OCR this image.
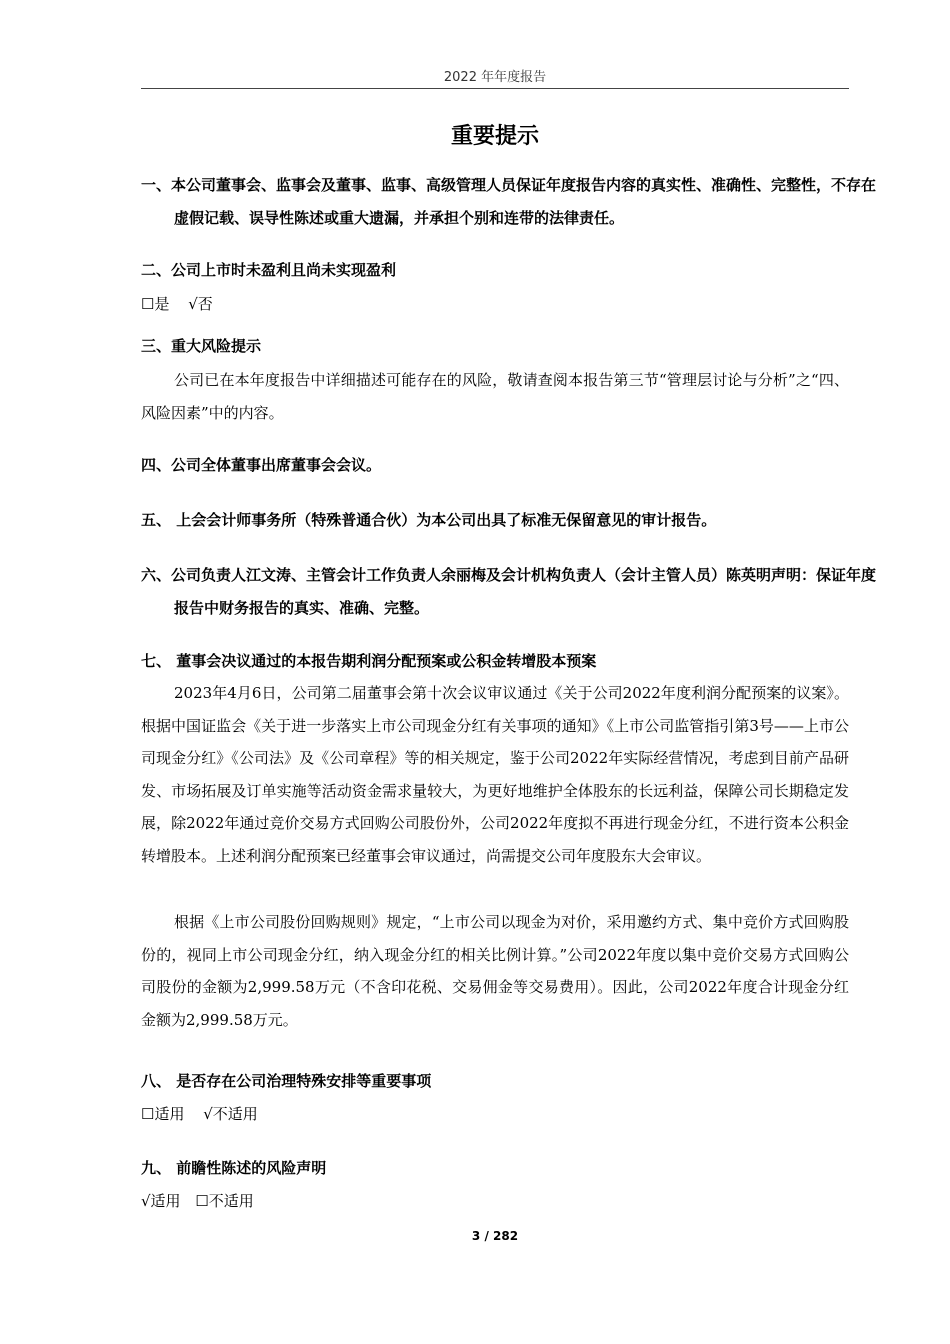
2022 年年度报告
重要提示
一、本公司董事会、监事会及董事、监事、高级管理人员保证年度报告内容的真实性、准确性、完整性，不存在虚假记载、误导性陈述或重大遗漏，并承担个别和连带的法律责任。
二、公司上市时未盈利且尚未实现盈利
☐是 √否
三、重大风险提示

公司已在本年度报告中详细描述可能存在的风险，敬请查阅本报告第三节“管理层讨论与分析”之“四、风险因素”中的内容。

四、公司全体董事出席董事会会议。
五、 上会会计师事务所（特殊普通合伙）为本公司出具了标准无保留意见的审计报告。
六、公司负责人江文涛、主管会计工作负责人余丽梅及会计机构负责人（会计主管人员）陈英明声明：保证年度报告中财务报告的真实、准确、完整。
七、 董事会决议通过的本报告期利润分配预案或公积金转增股本预案

2023年4月6日，公司第二届董事会第十次会议审议通过《关于公司2022年度利润分配预案的议案》。根据中国证监会《关于进一步落实上市公司现金分红有关事项的通知》《上市公司监管指引第3号——上市公司现金分红》《公司法》及《公司章程》等的相关规定，鉴于公司2022年实际经营情况，考虑到目前产品研发、市场拓展及订单实施等活动资金需求量较大，为更好地维护全体股东的长远利益，保障公司长期稳定发展，除2022年通过竞价交易方式回购公司股份外，公司2022年度拟不再进行现金分红，不进行资本公积金转增股本。上述利润分配预案已经董事会审议通过，尚需提交公司年度股东大会审议。

根据《上市公司股份回购规则》规定，“上市公司以现金为对价，采用邀约方式、集中竞价方式回购股份的，视同上市公司现金分红，纳入现金分红的相关比例计算。”公司2022年度以集中竞价交易方式回购公司股份的金额为2,999.58万元（不含印花税、交易佣金等交易费用）。因此，公司2022年度合计现金分红金额为2,999.58万元。

八、 是否存在公司治理特殊安排等重要事项
☐适用 √不适用
九、 前瞻性陈述的风险声明
√适用 ☐不适用
3 / 282
